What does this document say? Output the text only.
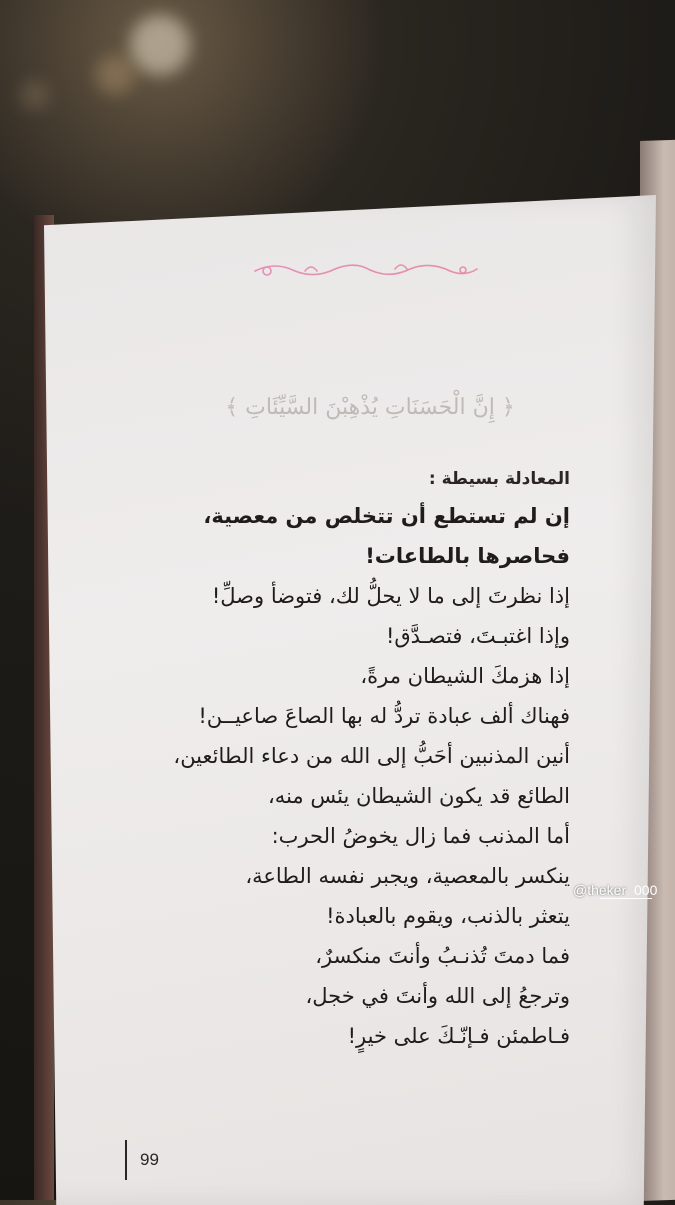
﴿ إِنَّ الْحَسَنَاتِ يُذْهِبْنَ السَّيِّئَاتِ ﴾
المعادلة بسيطة :
إن لم تستطع أن تتخلص من معصية،
فحاصرها بالطاعات!
إذا نظرتَ إلى ما لا يحلُّ لك، فتوضأ وصلِّ!
وإذا اغتبـتَ، فتصـدَّق!
إذا هزمكَ الشيطان مرةً،
فهناك ألف عبادة تردُّ له بها الصاعَ صاعيــن!
أنين المذنبين أحَبُّ إلى الله من دعاء الطائعين،
الطائع قد يكون الشيطان يئس منه،
أما المذنب فما زال يخوضُ الحرب:
ينكسر بالمعصية، ويجبر نفسه الطاعة،
يتعثر بالذنب، ويقوم بالعبادة!
فما دمتَ تُذنـبُ وأنتَ منكسرٌ،
وترجعُ إلى الله وأنتَ في خجل،
فـاطمئن فـإنّـكَ على خيرٍ!
@theker 000
99
